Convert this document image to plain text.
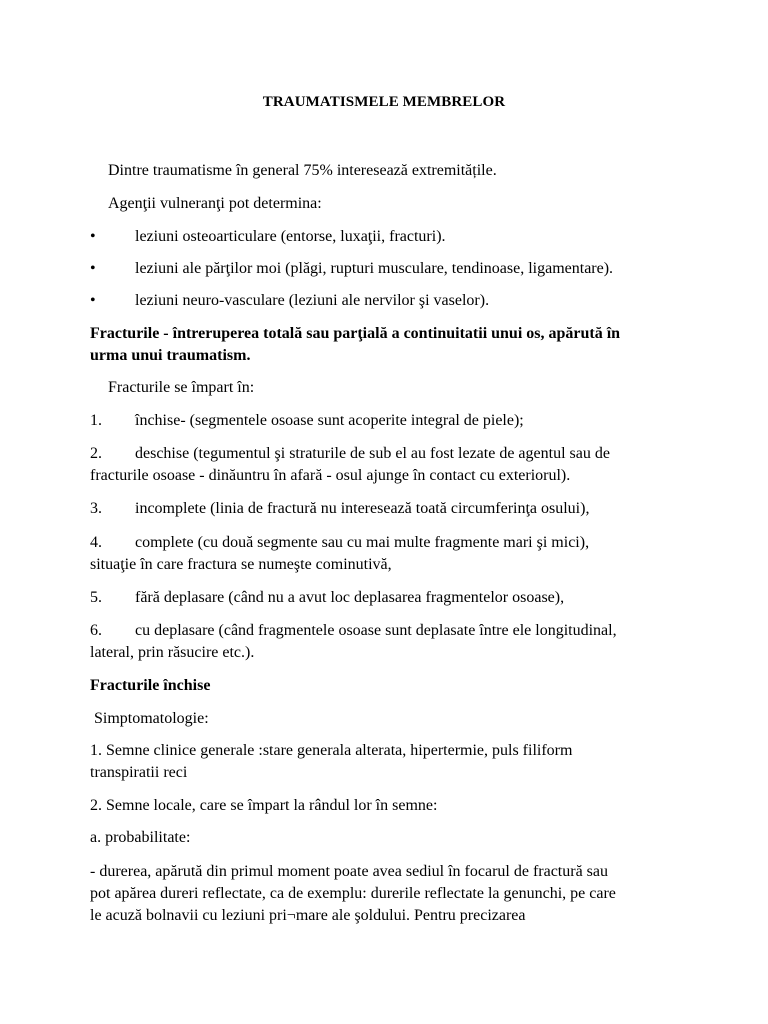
TRAUMATISMELE MEMBRELOR

Dintre traumatisme în general 75% interesează extremitățile.

Agenţii vulneranţi pot determina:

• leziuni osteoarticulare (entorse, luxaţii, fracturi).
• leziuni ale părţilor moi (plăgi, rupturi musculare, tendinoase, ligamentare).
• leziuni neuro-vasculare (leziuni ale nervilor şi vaselor).
Fracturile - întreruperea totală sau parţială a continuitatii unui os, apărută în
urma unui traumatism.

Fracturile se împart în:

1. închise- (segmentele osoase sunt acoperite integral de piele);
2. deschise (tegumentul şi straturile de sub el au fost lezate de agentul sau de
fracturile osoase - dinăuntru în afară - osul ajunge în contact cu exteriorul).
3. incomplete (linia de fractură nu interesează toată circumferinţa osului),
4. complete (cu două segmente sau cu mai multe fragmente mari şi mici),
situaţie în care fractura se numeşte cominutivă,
5. fără deplasare (când nu a avut loc deplasarea fragmentelor osoase),
6. cu deplasare (când fragmentele osoase sunt deplasate între ele longitudinal,
lateral, prin răsucire etc.).

Fracturile închise

Simptomatologie:

1. Semne clinice generale :stare generala alterata, hipertermie, puls filiform
transpiratii reci

2. Semne locale, care se împart la rândul lor în semne:

a. probabilitate:

- durerea, apărută din primul moment poate avea sediul în focarul de fractură sau
pot apărea dureri reflectate, ca de exemplu: durerile reflectate la genunchi, pe care
le acuză bolnavii cu leziuni pri¬mare ale şoldului. Pentru precizarea
